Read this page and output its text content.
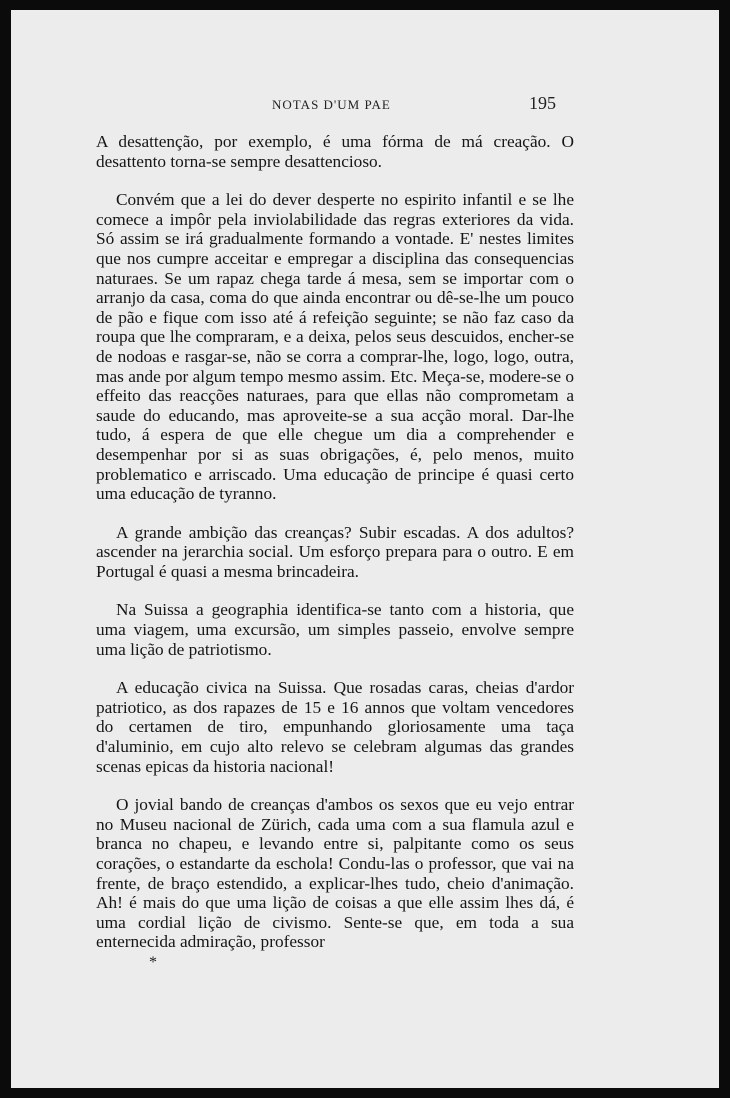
NOTAS D'UM PAE	195

A desattenção, por exemplo, é uma fórma de má creação. O desattento torna-se sempre desattencioso.

Convém que a lei do dever desperte no espirito infantil e se lhe comece a impôr pela inviolabilidade das regras exteriores da vida. Só assim se irá gradualmente formando a vontade. E' nestes limites que nos cumpre acceitar e empregar a disciplina das consequencias naturaes. Se um rapaz chega tarde á mesa, sem se importar com o arranjo da casa, coma do que ainda encontrar ou dê-se-lhe um pouco de pão e fique com isso até á refeição seguinte; se não faz caso da roupa que lhe compraram, e a deixa, pelos seus descuidos, encher-se de nodoas e rasgar-se, não se corra a comprar-lhe, logo, logo, outra, mas ande por algum tempo mesmo assim. Etc. Meça-se, modere-se o effeito das reacções naturaes, para que ellas não comprometam a saude do educando, mas aproveite-se a sua acção moral. Dar-lhe tudo, á espera de que elle chegue um dia a comprehender e desempenhar por si as suas obrigações, é, pelo menos, muito problematico e arriscado. Uma educação de principe é quasi certo uma educação de tyranno.

A grande ambição das creanças? Subir escadas. A dos adultos? ascender na jerarchia social. Um esforço prepara para o outro. E em Portugal é quasi a mesma brincadeira.

Na Suissa a geographia identifica-se tanto com a historia, que uma viagem, uma excursão, um simples passeio, envolve sempre uma lição de patriotismo.

A educação civica na Suissa. Que rosadas caras, cheias d'ardor patriotico, as dos rapazes de 15 e 16 annos que voltam vencedores do certamen de tiro, empunhando gloriosamente uma taça d'aluminio, em cujo alto relevo se celebram algumas das grandes scenas epicas da historia nacional!

O jovial bando de creanças d'ambos os sexos que eu vejo entrar no Museu nacional de Zürich, cada uma com a sua flamula azul e branca no chapeu, e levando entre si, palpitante como os seus corações, o estandarte da eschola! Condu-las o professor, que vai na frente, de braço estendido, a explicar-lhes tudo, cheio d'animação. Ah! é mais do que uma lição de coisas a que elle assim lhes dá, é uma cordial lição de civismo. Sente-se que, em toda a sua enternecida admiração, professor

*
